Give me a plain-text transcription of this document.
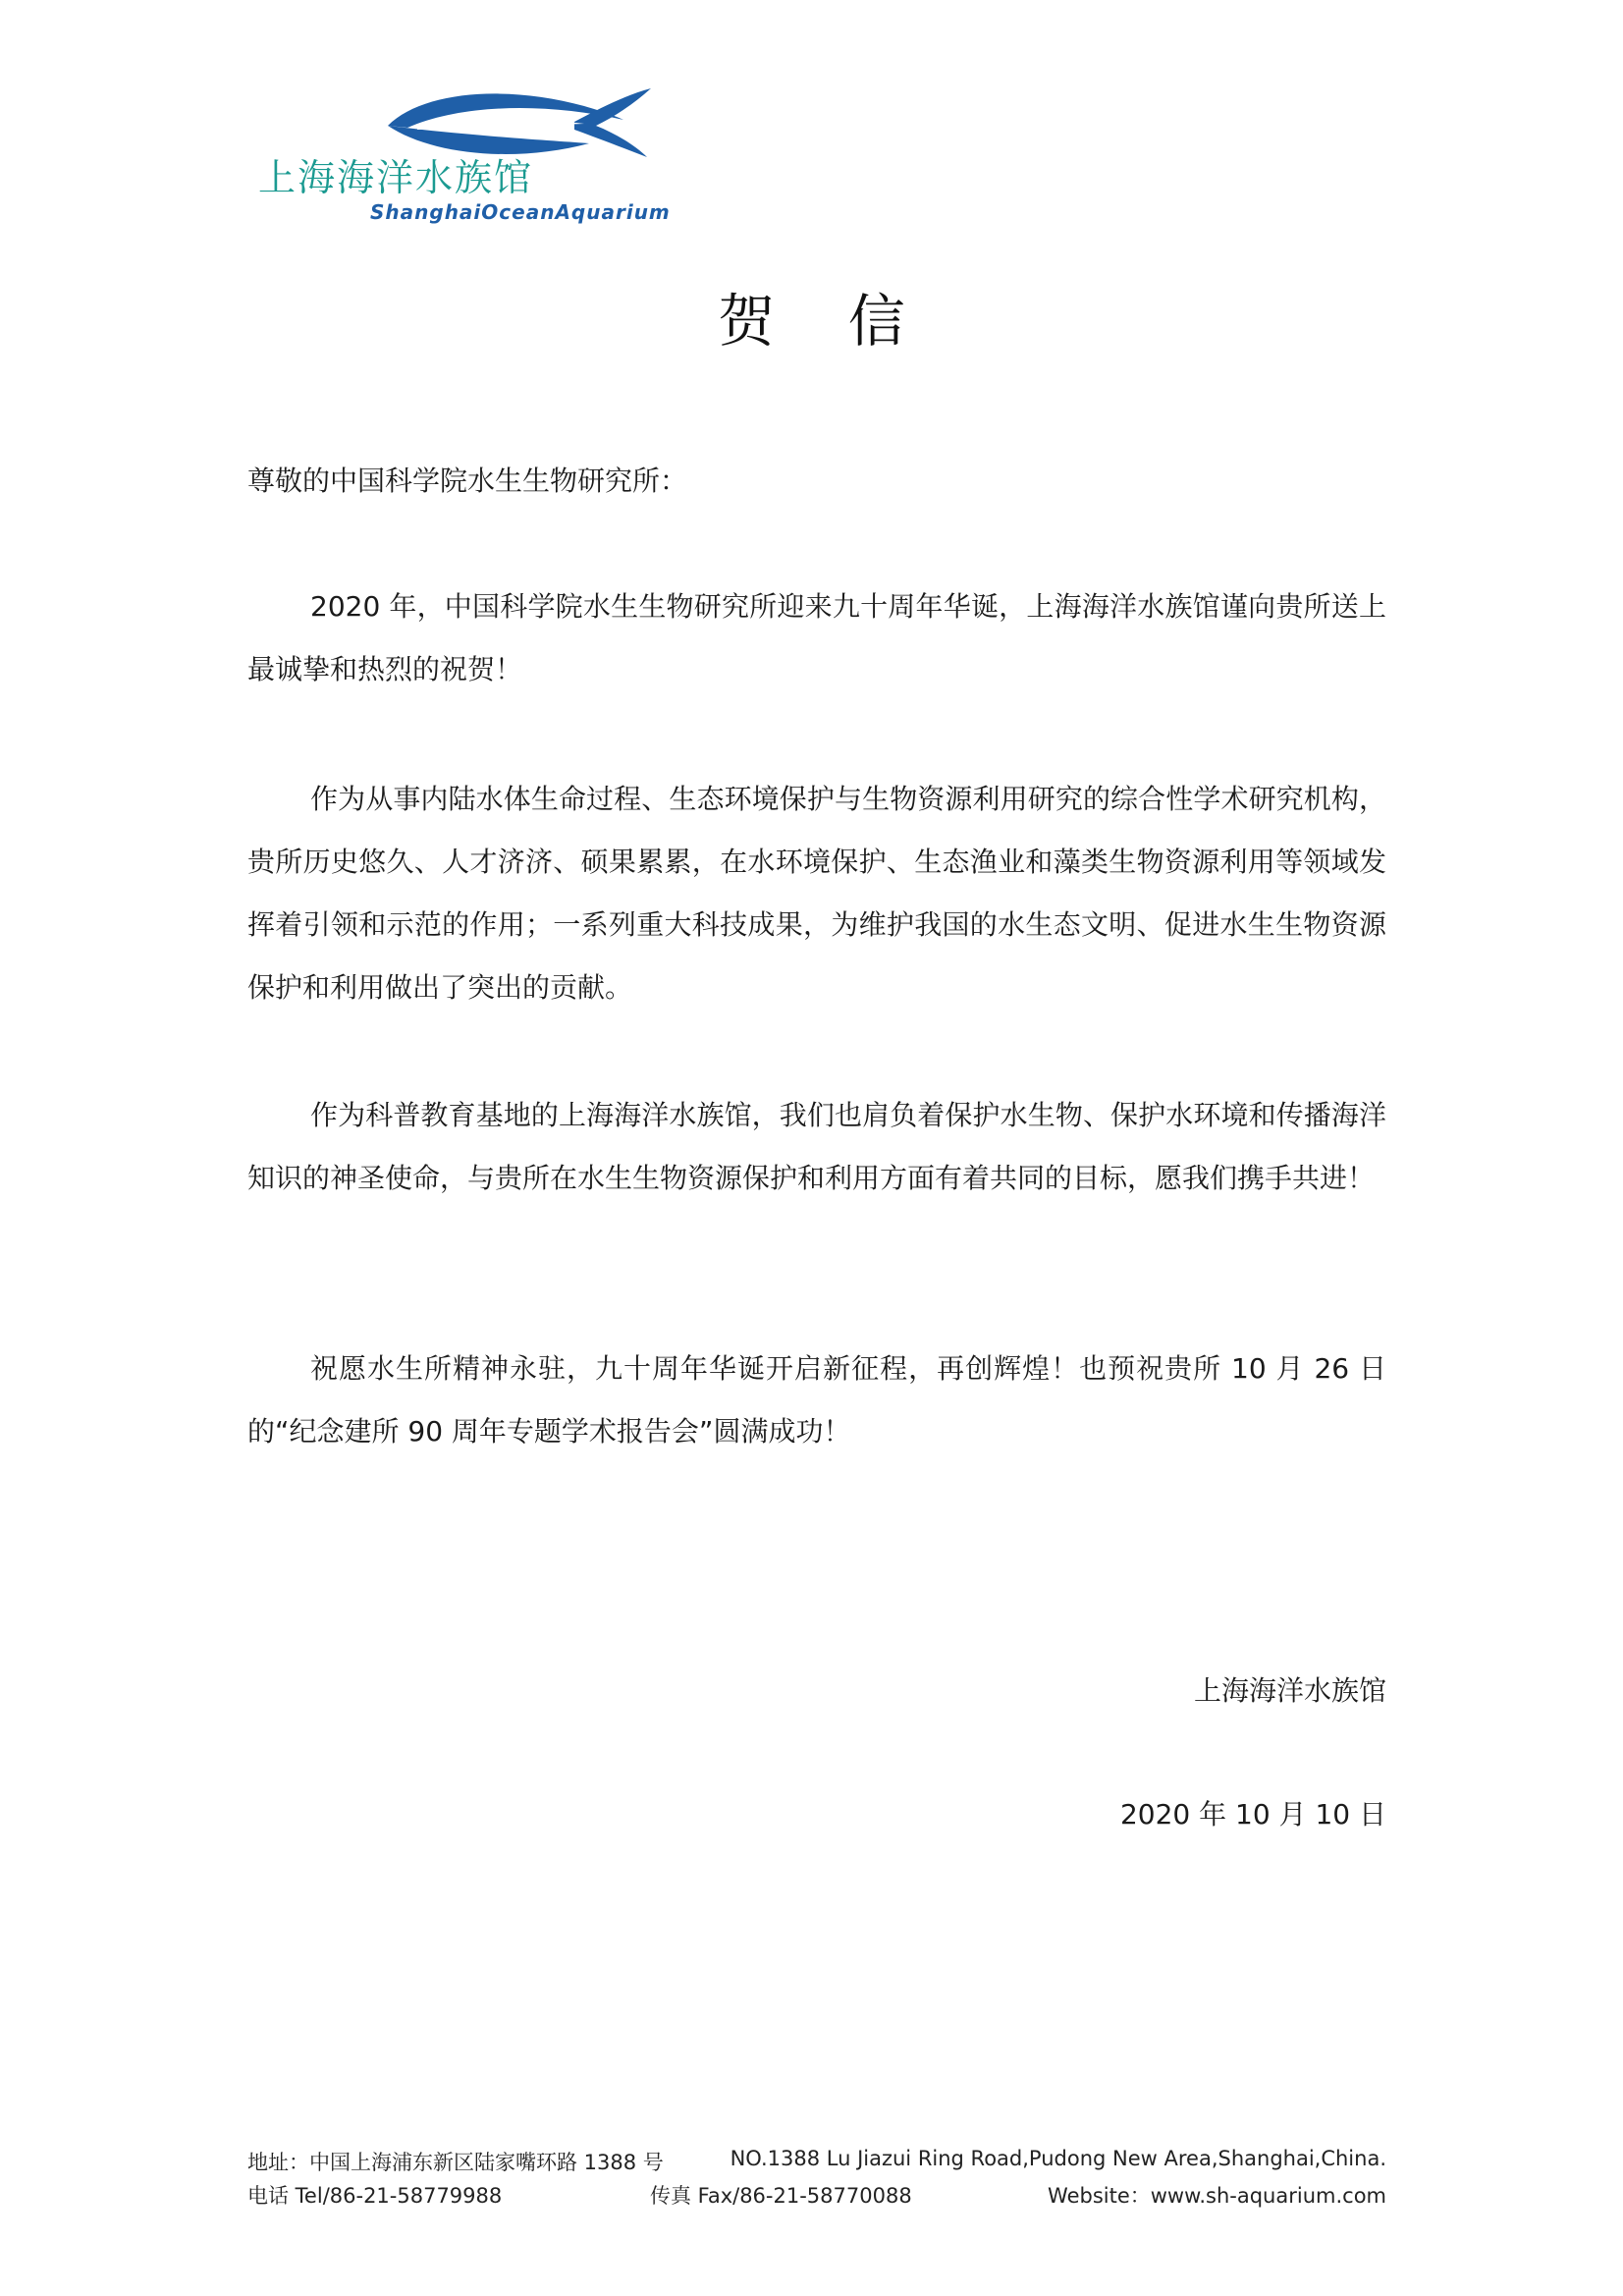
上海海洋水族馆
ShanghaiOceanAquarium
贺 信
尊敬的中国科学院水生生物研究所：
2020 年，中国科学院水生生物研究所迎来九十周年华诞，上海海洋水族馆谨向贵所送上最诚挚和热烈的祝贺！
作为从事内陆水体生命过程、生态环境保护与生物资源利用研究的综合性学术研究机构，贵所历史悠久、人才济济、硕果累累，在水环境保护、生态渔业和藻类生物资源利用等领域发挥着引领和示范的作用；一系列重大科技成果，为维护我国的水生态文明、促进水生生物资源保护和利用做出了突出的贡献。
作为科普教育基地的上海海洋水族馆，我们也肩负着保护水生物、保护水环境和传播海洋知识的神圣使命，与贵所在水生生物资源保护和利用方面有着共同的目标，愿我们携手共进！
祝愿水生所精神永驻，九十周年华诞开启新征程，再创辉煌！也预祝贵所 10 月 26 日的“纪念建所 90 周年专题学术报告会”圆满成功！
上海海洋水族馆
2020 年 10 月 10 日
地址：中国上海浦东新区陆家嘴环路 1388 号	NO.1388 Lu Jiazui Ring Road,Pudong New Area,Shanghai,China.
电话 Tel/86-21-58779988	传真 Fax/86-21-58770088	Website：www.sh-aquarium.com
